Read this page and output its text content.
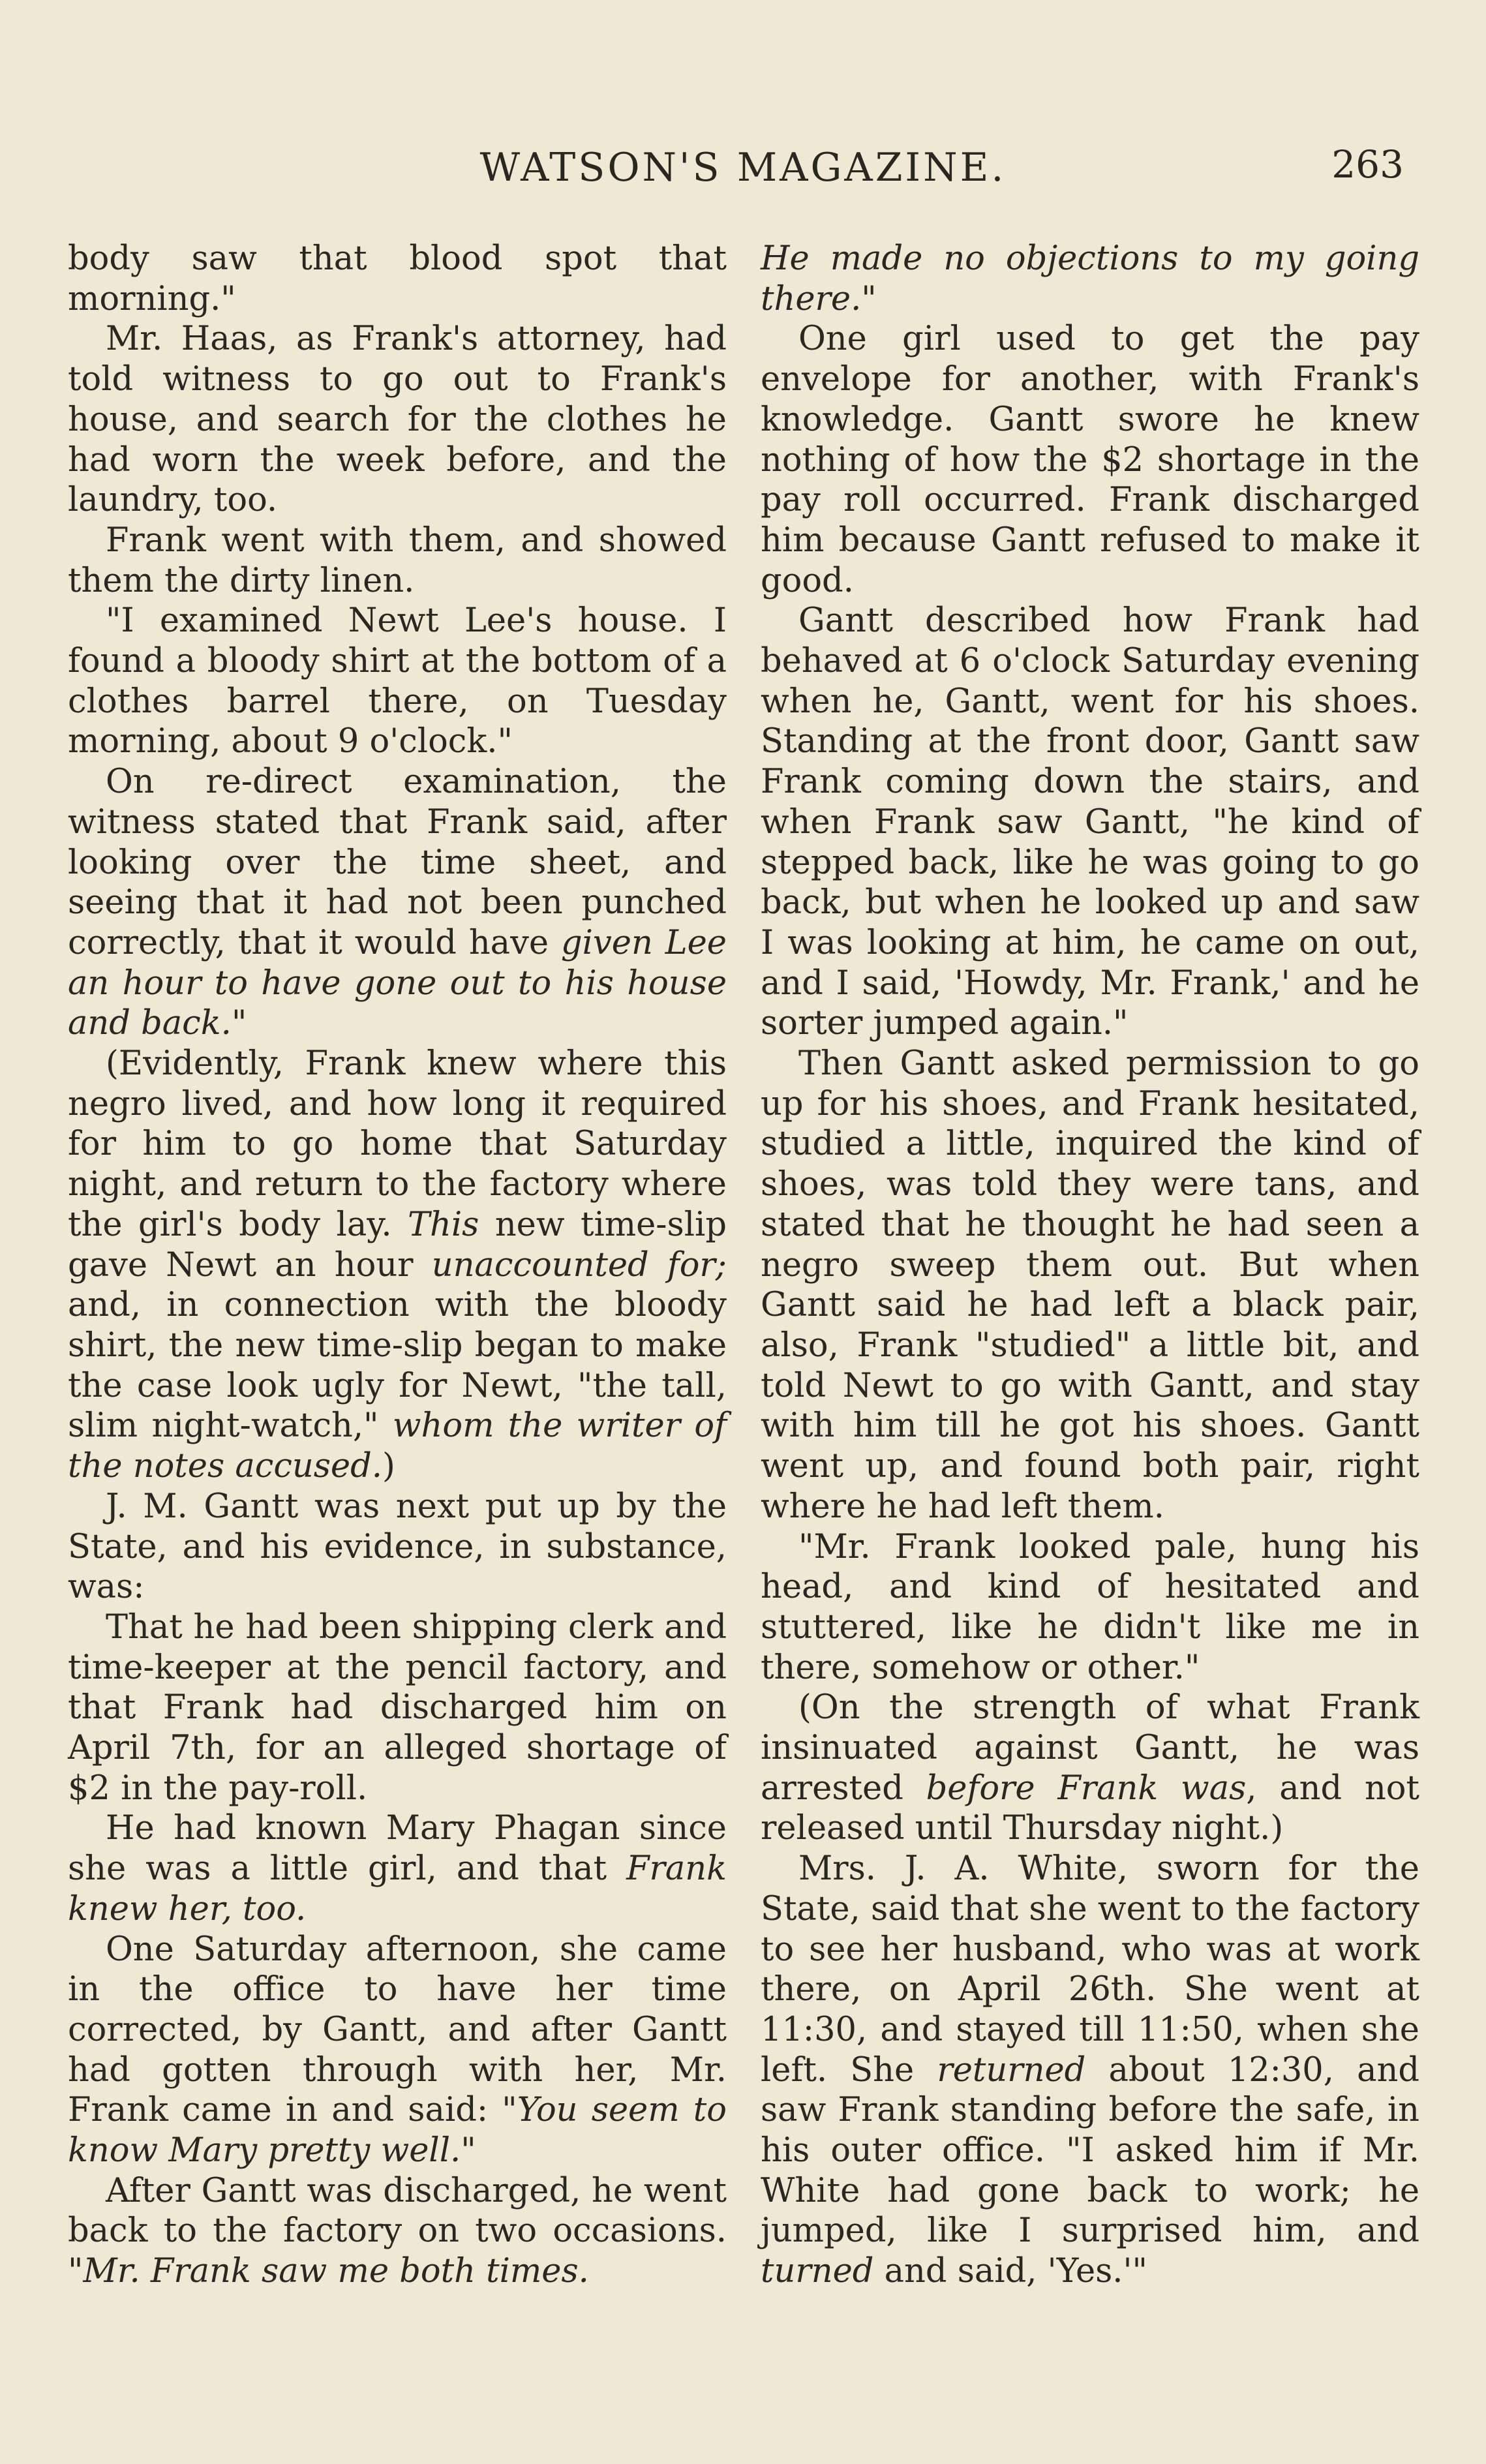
WATSON'S MAGAZINE.	263

body saw that blood spot that morning."

Mr. Haas, as Frank's attorney, had told witness to go out to Frank's house, and search for the clothes he had worn the week before, and the laundry, too.

Frank went with them, and showed them the dirty linen.

"I examined Newt Lee's house. I found a bloody shirt at the bottom of a clothes barrel there, on Tuesday morning, about 9 o'clock."

On re-direct examination, the witness stated that Frank said, after looking over the time sheet, and seeing that it had not been punched correctly, that it would have given Lee an hour to have gone out to his house and back."

(Evidently, Frank knew where this negro lived, and how long it required for him to go home that Saturday night, and return to the factory where the girl's body lay. This new time-slip gave Newt an hour unaccounted for; and, in connection with the bloody shirt, the new time-slip began to make the case look ugly for Newt, "the tall, slim night-watch," whom the writer of the notes accused.)

J. M. Gantt was next put up by the State, and his evidence, in substance, was:

That he had been shipping clerk and time-keeper at the pencil factory, and that Frank had discharged him on April 7th, for an alleged shortage of $2 in the pay-roll.

He had known Mary Phagan since she was a little girl, and that Frank knew her, too.

One Saturday afternoon, she came in the office to have her time corrected, by Gantt, and after Gantt had gotten through with her, Mr. Frank came in and said: "You seem to know Mary pretty well."

After Gantt was discharged, he went back to the factory on two occasions. "Mr. Frank saw me both times.

He made no objections to my going there."

One girl used to get the pay envelope for another, with Frank's knowledge. Gantt swore he knew nothing of how the $2 shortage in the pay roll occurred. Frank discharged him because Gantt refused to make it good.

Gantt described how Frank had behaved at 6 o'clock Saturday evening when he, Gantt, went for his shoes. Standing at the front door, Gantt saw Frank coming down the stairs, and when Frank saw Gantt, "he kind of stepped back, like he was going to go back, but when he looked up and saw I was looking at him, he came on out, and I said, 'Howdy, Mr. Frank,' and he sorter jumped again."

Then Gantt asked permission to go up for his shoes, and Frank hesitated, studied a little, inquired the kind of shoes, was told they were tans, and stated that he thought he had seen a negro sweep them out. But when Gantt said he had left a black pair, also, Frank "studied" a little bit, and told Newt to go with Gantt, and stay with him till he got his shoes. Gantt went up, and found both pair, right where he had left them.

"Mr. Frank looked pale, hung his head, and kind of hesitated and stuttered, like he didn't like me in there, somehow or other."

(On the strength of what Frank insinuated against Gantt, he was arrested before Frank was, and not released until Thursday night.)

Mrs. J. A. White, sworn for the State, said that she went to the factory to see her husband, who was at work there, on April 26th. She went at 11:30, and stayed till 11:50, when she left. She returned about 12:30, and saw Frank standing before the safe, in his outer office. "I asked him if Mr. White had gone back to work; he jumped, like I surprised him, and turned and said, 'Yes.'"
